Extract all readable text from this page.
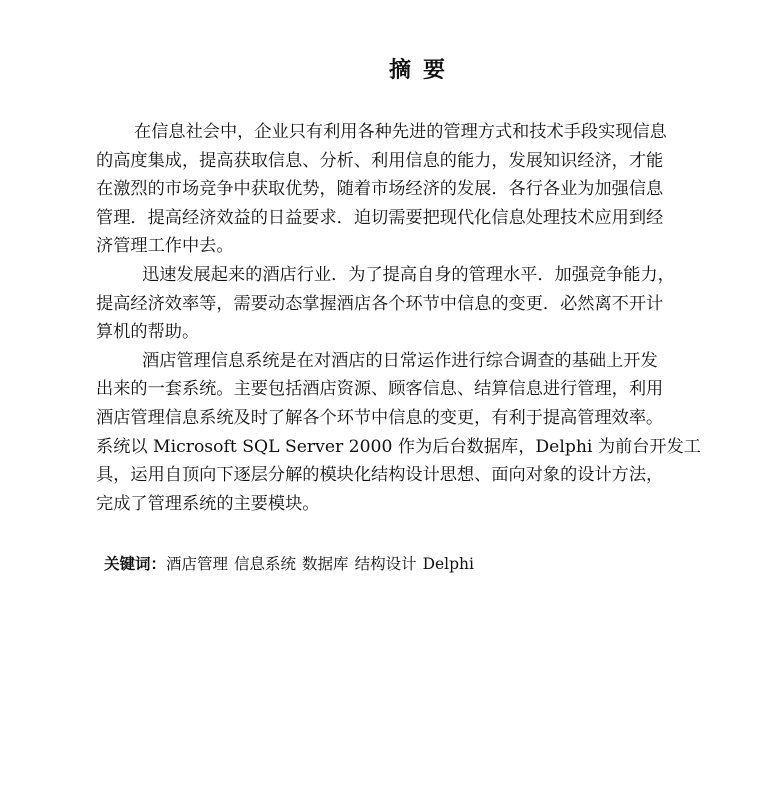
摘要
在信息社会中，企业只有利用各种先进的管理方式和技术手段实现信息
的高度集成，提高获取信息、分析、利用信息的能力，发展知识经济，才能
在激烈的市场竞争中获取优势，随着市场经济的发展．各行各业为加强信息
管理．提高经济效益的日益要求．迫切需要把现代化信息处理技术应用到经
济管理工作中去。
迅速发展起来的酒店行业．为了提高自身的管理水平．加强竞争能力，
提高经济效率等，需要动态掌握酒店各个环节中信息的变更．必然离不开计
算机的帮助。
酒店管理信息系统是在对酒店的日常运作进行综合调查的基础上开发
出来的一套系统。主要包括酒店资源、顾客信息、结算信息进行管理，利用
酒店管理信息系统及时了解各个环节中信息的变更，有利于提高管理效率。
系统以 Microsoft SQL Server 2000 作为后台数据库，Delphi 为前台开发工
具，运用自顶向下逐层分解的模块化结构设计思想、面向对象的设计方法，
完成了管理系统的主要模块。
关键词：酒店管理 信息系统 数据库 结构设计 Delphi
